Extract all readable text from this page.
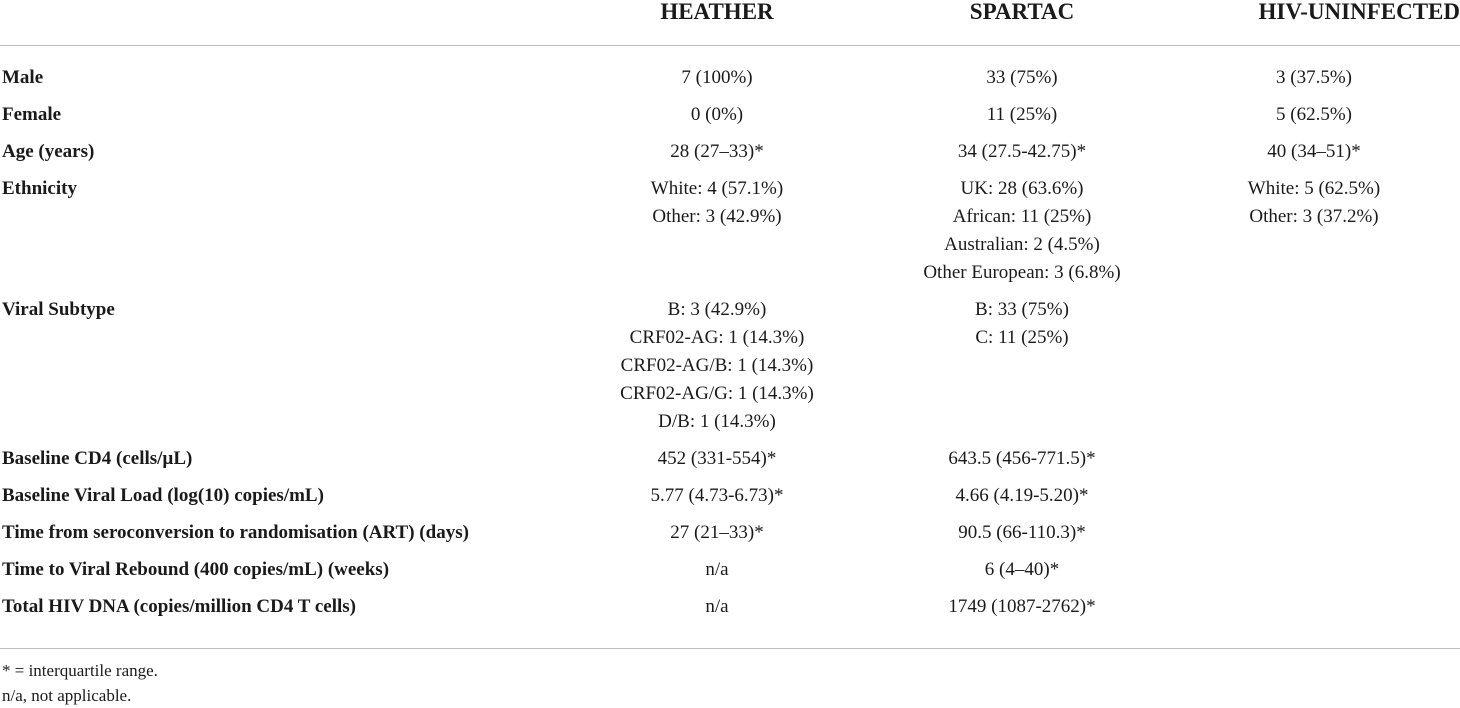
	HEATHER	SPARTAC	HIV-UNINFECTED
Male	7 (100%)	33 (75%)	3 (37.5%)

Female	0 (0%)	11 (25%)	5 (62.5%)

Age (years)	28 (27–33)*	34 (27.5-42.75)*	40 (34–51)*

Ethnicity	White: 4 (57.1%)
Other: 3 (42.9%)	UK: 28 (63.6%)
African: 11 (25%)
Australian: 2 (4.5%)
Other European: 3 (6.8%)	White: 5 (62.5%)
Other: 3 (37.2%)

Viral Subtype	B: 3 (42.9%)
CRF02-AG: 1 (14.3%)
CRF02-AG/B: 1 (14.3%)
CRF02-AG/G: 1 (14.3%)
D/B: 1 (14.3%)	B: 33 (75%)
C: 11 (25%)	

Baseline CD4 (cells/µL)	452 (331-554)*	643.5 (456-771.5)*	

Baseline Viral Load (log(10) copies/mL)	5.77 (4.73-6.73)*	4.66 (4.19-5.20)*	

Time from seroconversion to randomisation (ART) (days)	27 (21–33)*	90.5 (66-110.3)*	

Time to Viral Rebound (400 copies/mL) (weeks)	n/a	6 (4–40)*	

Total HIV DNA (copies/million CD4 T cells)	n/a	1749 (1087-2762)*	

* = interquartile range.
n/a, not applicable.
